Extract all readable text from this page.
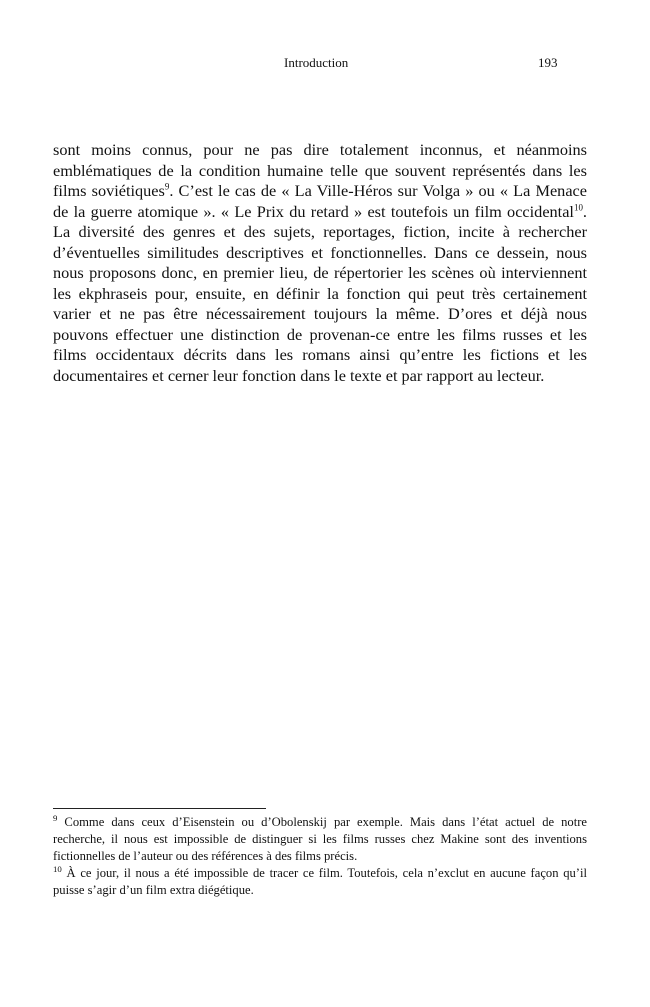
Introduction	193

sont moins connus, pour ne pas dire totalement inconnus, et néanmoins emblématiques de la condition humaine telle que souvent représentés dans les films soviétiques$^9$. C’est le cas de « La Ville-Héros sur Volga » ou « La Menace de la guerre atomique ». « Le Prix du retard » est toutefois un film occidental$^{10}$. La diversité des genres et des sujets, reportages, fiction, incite à rechercher d’éventuelles similitudes descriptives et fonctionnelles. Dans ce dessein, nous nous proposons donc, en premier lieu, de répertorier les scènes où interviennent les ekphraseis pour, ensuite, en définir la fonction qui peut très certainement varier et ne pas être nécessairement toujours la même. D’ores et déjà nous pouvons effectuer une distinction de provenan-ce entre les films russes et les films occidentaux décrits dans les romans ainsi qu’entre les fictions et les documentaires et cerner leur fonction dans le texte et par rapport au lecteur.

$^9$ Comme dans ceux d’Eisenstein ou d’Obolenskij par exemple. Mais dans l’état actuel de notre recherche, il nous est impossible de distinguer si les films russes chez Makine sont des inventions fictionnelles de l’auteur ou des références à des films précis.

$^{10}$ À ce jour, il nous a été impossible de tracer ce film. Toutefois, cela n’exclut en aucune façon qu’il puisse s’agir d’un film extra diégétique.
